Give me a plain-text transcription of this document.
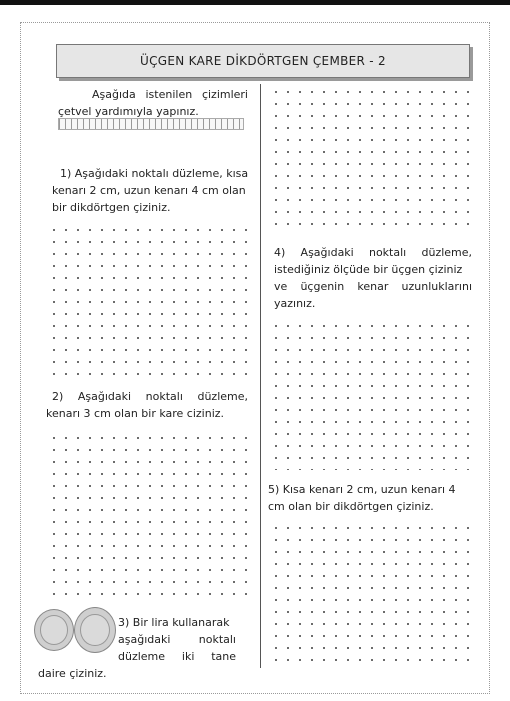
ÜÇGEN KARE DİKDÖRTGEN ÇEMBER - 2
Aşağıda istenilen çizimleri
çetvel yardımıyla yapınız.
1) Aşağıdaki noktalı düzleme, kısa
kenarı 2 cm, uzun kenarı 4 cm olan
bir dikdörtgen çiziniz.
2) Aşağıdaki noktalı düzleme,
kenarı 3 cm olan bir kare ciziniz.
3) Bir lira kullanarak
aşağıdaki	noktalı
düzleme iki tane
daire çiziniz.
4) Aşağıdaki noktalı düzleme,
istediğiniz ölçüde bir üçgen çiziniz
ve üçgenin kenar uzunluklarını
yazınız.
5) Kısa kenarı 2 cm, uzun kenarı 4
cm olan bir dikdörtgen çiziniz.
